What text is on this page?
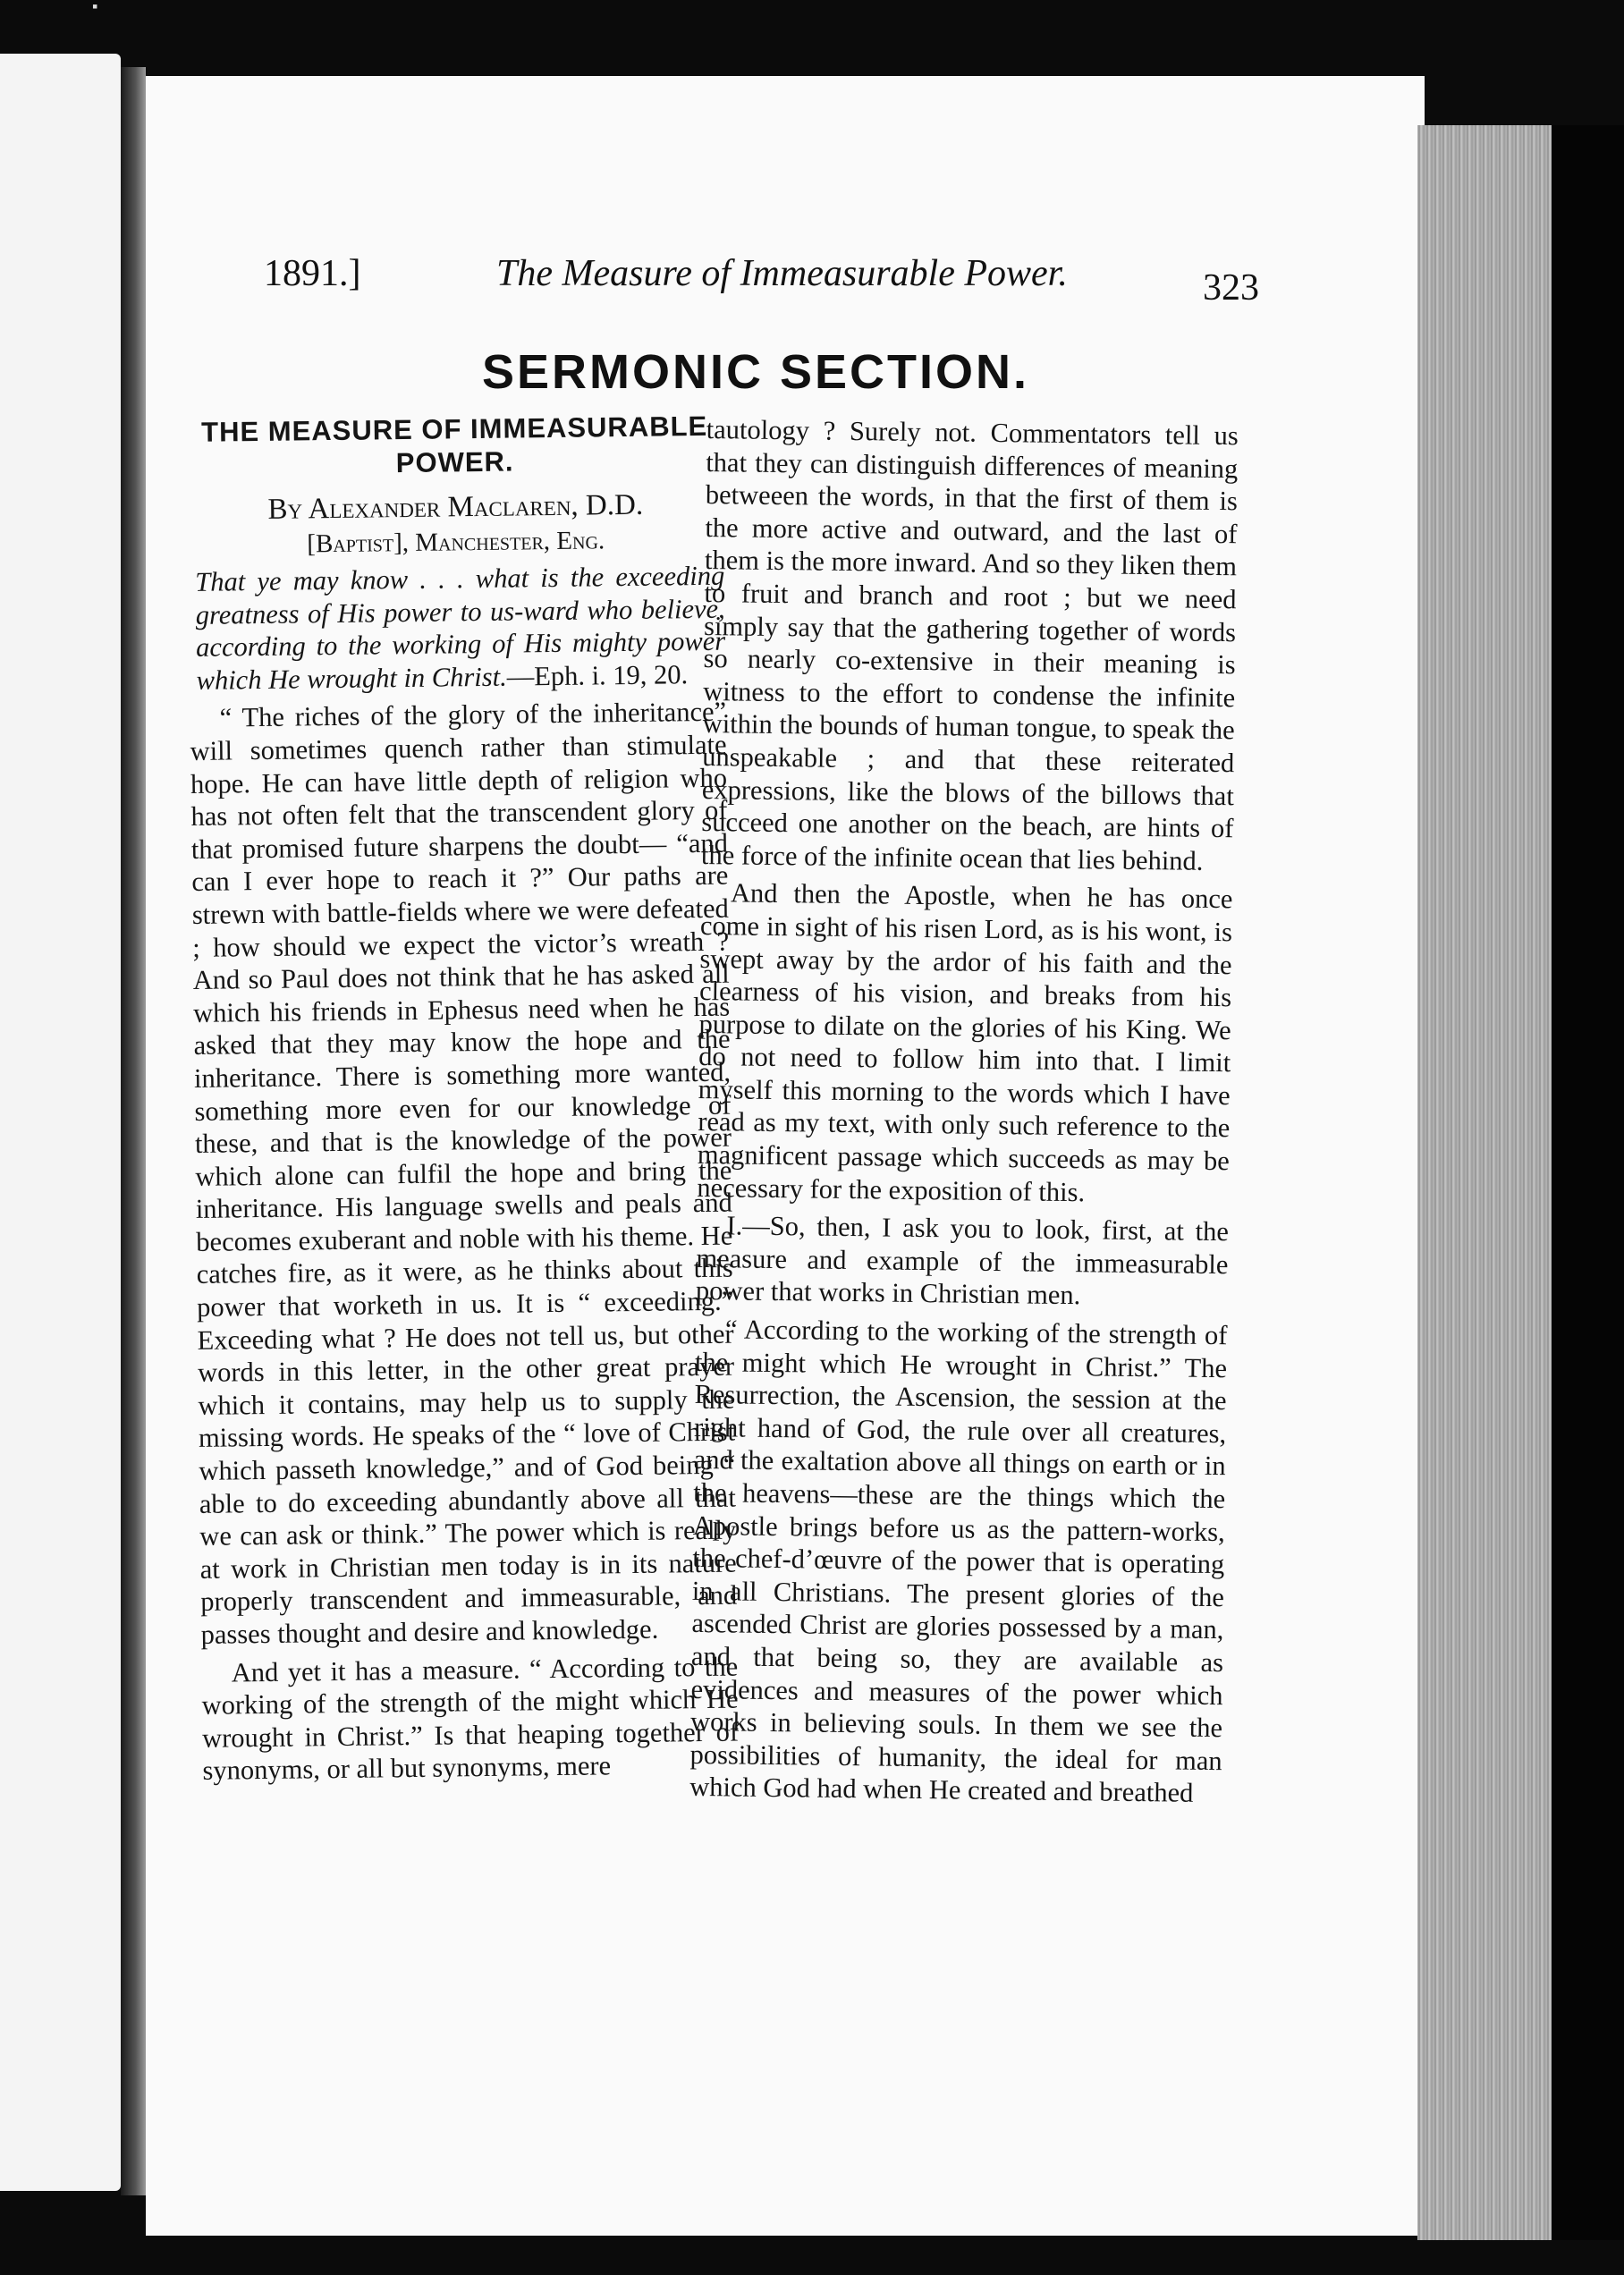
▪
1891.]	The Measure of Immeasurable Power.	323
SERMONIC SECTION.

THE MEASURE OF IMMEASURABLE POWER.

By Alexander Maclaren, D.D.

[Baptist], Manchester, Eng.

That ye may know . . . what is the exceeding greatness of His power to us-ward who believe, according to the working of His mighty power which He wrought in Christ.—Eph. i. 19, 20.

“ The riches of the glory of the inheritance” will sometimes quench rather than stimulate hope. He can have little depth of religion who has not often felt that the transcendent glory of that promised future sharpens the doubt— “and can I ever hope to reach it ?” Our paths are strewn with battle-fields where we were defeated ; how should we expect the victor’s wreath ? And so Paul does not think that he has asked all which his friends in Ephesus need when he has asked that they may know the hope and the inheritance. There is something more wanted, something more even for our knowledge of these, and that is the knowledge of the power which alone can fulfil the hope and bring the inheritance. His language swells and peals and becomes exuberant and noble with his theme. He catches fire, as it were, as he thinks about this power that worketh in us. It is “ exceeding.” Exceeding what ? He does not tell us, but other words in this letter, in the other great prayer which it contains, may help us to supply the missing words. He speaks of the “ love of Christ which passeth knowledge,” and of God being “ able to do exceeding abundantly above all that we can ask or think.” The power which is really at work in Christian men today is in its nature properly transcendent and immeasurable, and passes thought and desire and knowledge.

And yet it has a measure. “ According to the working of the strength of the might which He wrought in Christ.” Is that heaping together of synonyms, or all but synonyms, mere

tautology ? Surely not. Commentators tell us that they can distinguish differences of meaning betweeen the words, in that the first of them is the more active and outward, and the last of them is the more inward. And so they liken them to fruit and branch and root ; but we need simply say that the gathering together of words so nearly co-extensive in their meaning is witness to the effort to condense the infinite within the bounds of human tongue, to speak the unspeakable ; and that these reiterated expressions, like the blows of the billows that succeed one another on the beach, are hints of the force of the infinite ocean that lies behind.

And then the Apostle, when he has once come in sight of his risen Lord, as is his wont, is swept away by the ardor of his faith and the clearness of his vision, and breaks from his purpose to dilate on the glories of his King. We do not need to follow him into that. I limit myself this morning to the words which I have read as my text, with only such reference to the magnificent passage which succeeds as may be necessary for the exposition of this.

I.—So, then, I ask you to look, first, at the measure and example of the immeasurable power that works in Christian men.

“ According to the working of the strength of the might which He wrought in Christ.” The Resurrection, the Ascension, the session at the right hand of God, the rule over all creatures, and the exaltation above all things on earth or in the heavens—these are the things which the Apostle brings before us as the pattern-works, the chef-d’œuvre of the power that is operating in all Christians. The present glories of the ascended Christ are glories possessed by a man, and that being so, they are available as evidences and measures of the power which works in believing souls. In them we see the possibilities of humanity, the ideal for man which God had when He created and breathed
